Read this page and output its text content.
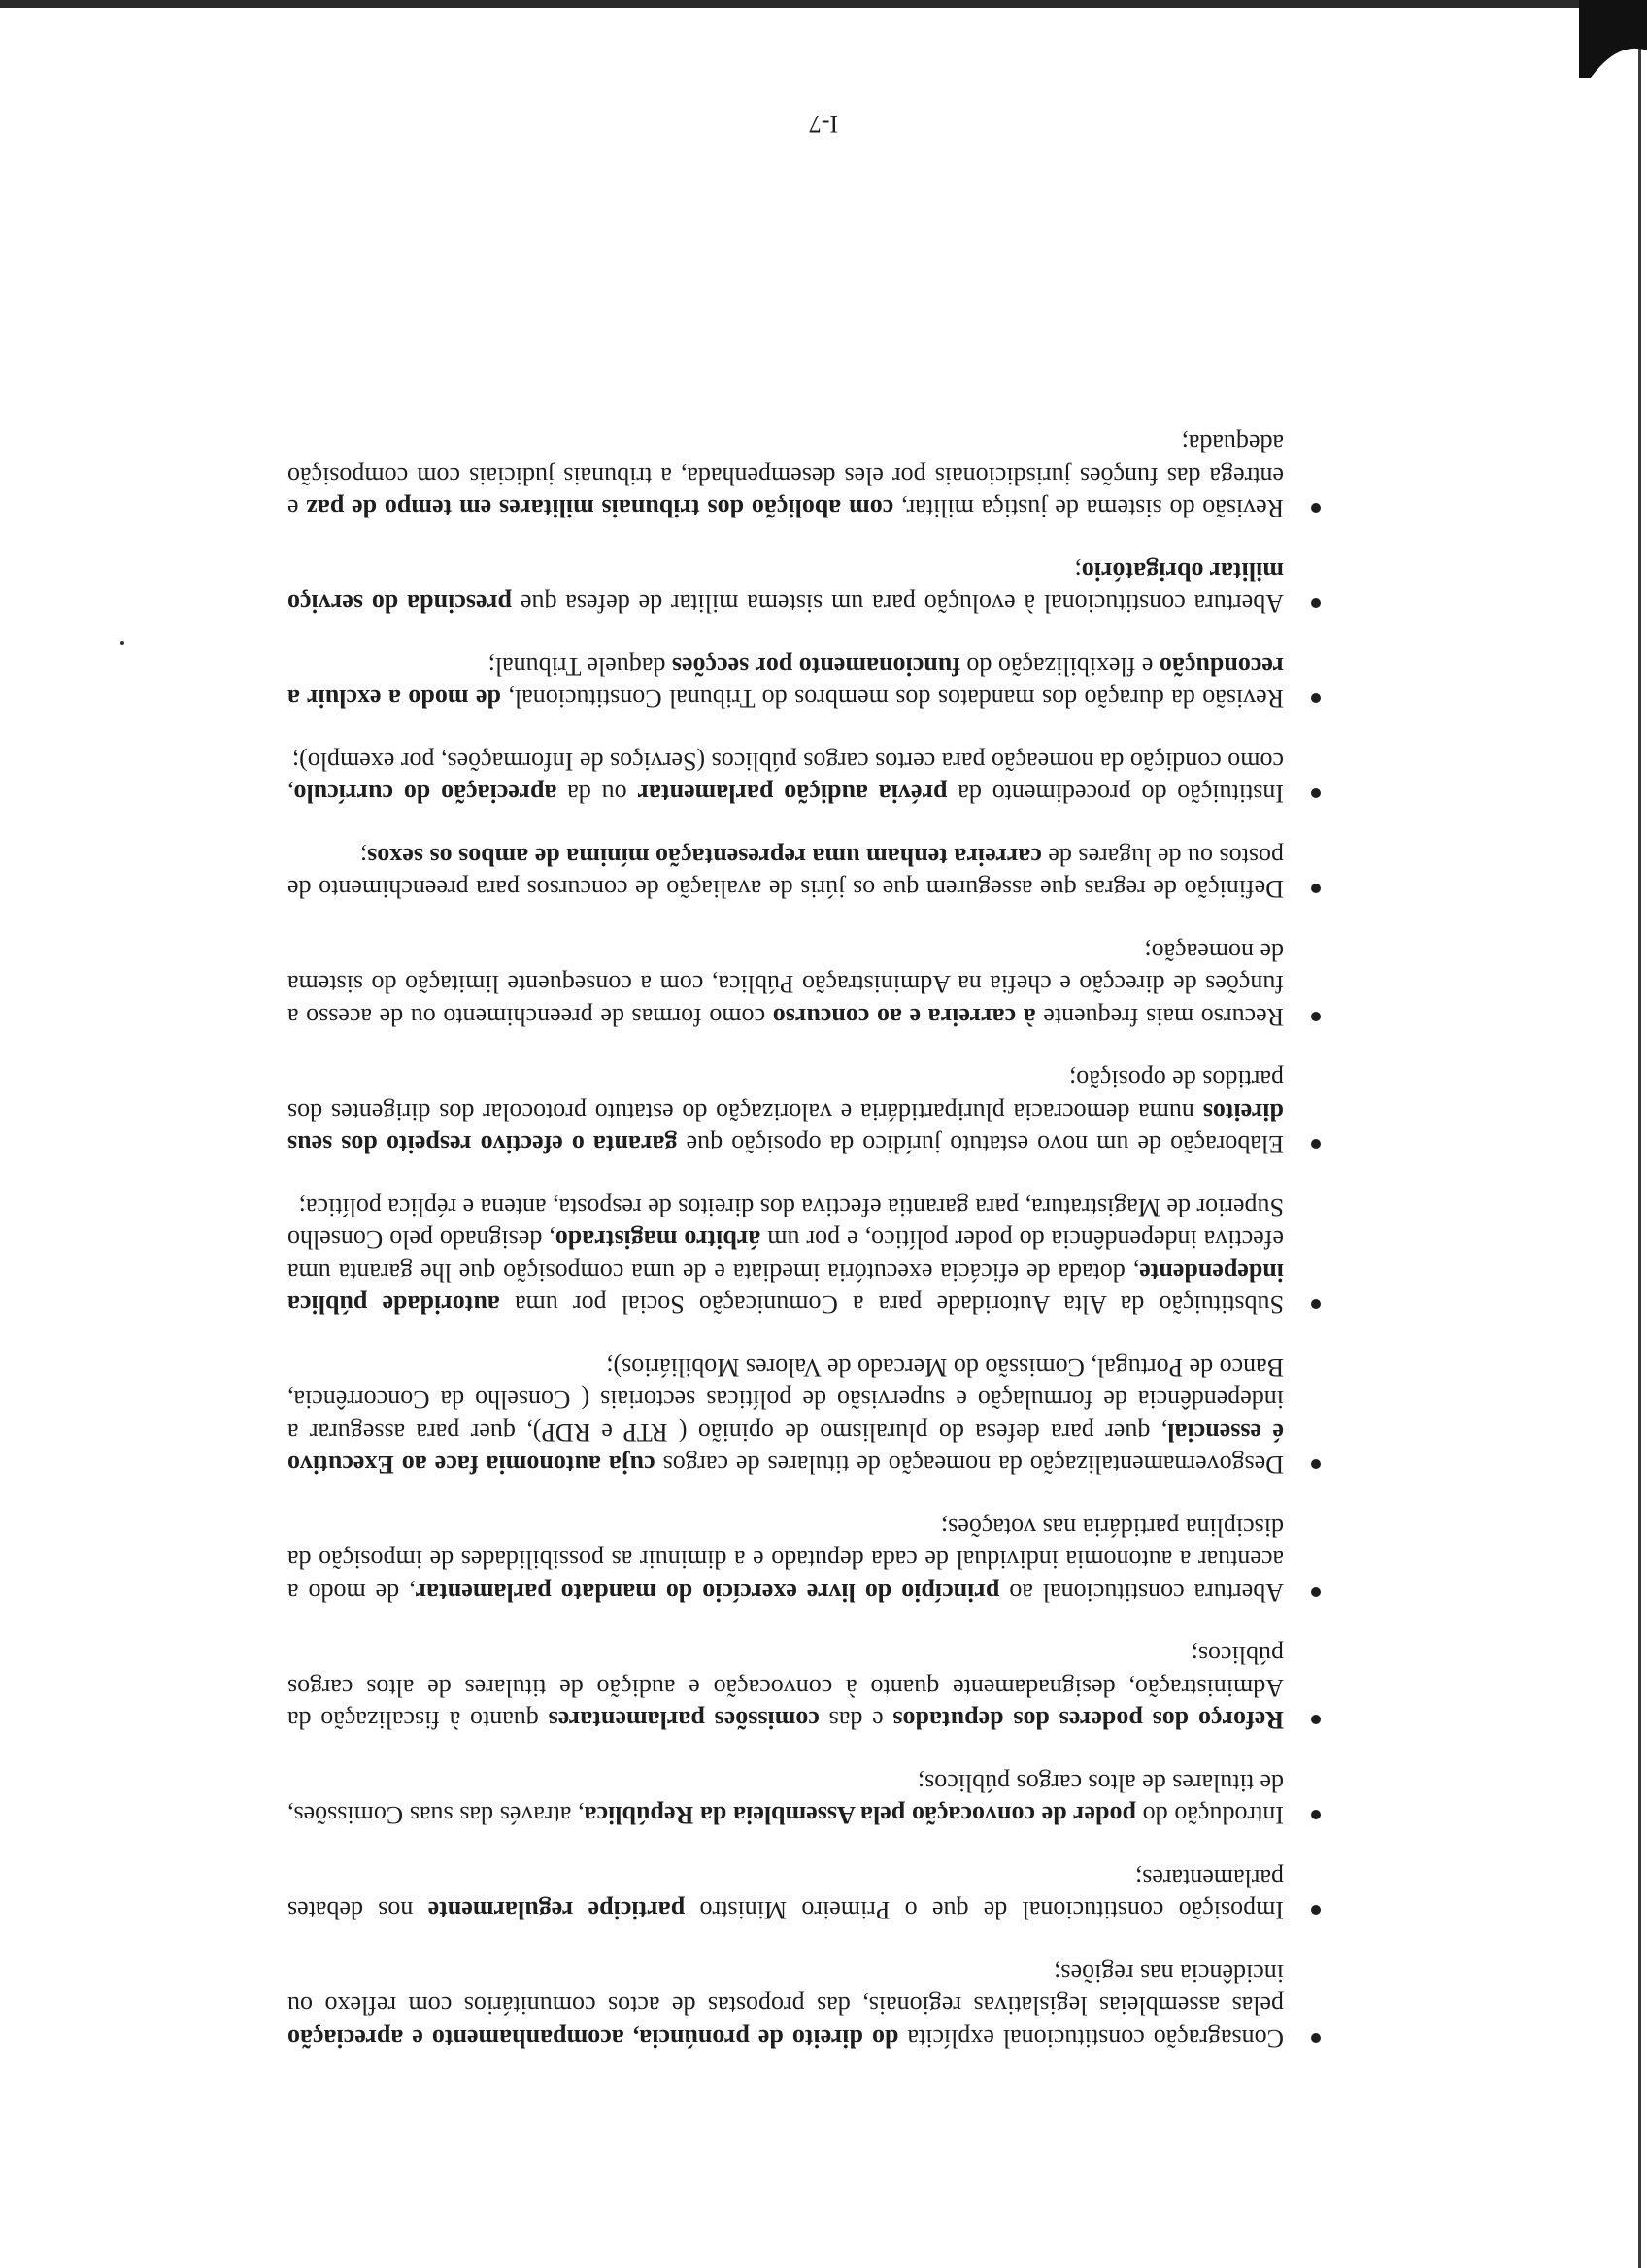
Consagração constitucional explícita do direito de pronúncia, acompanhamento e apreciação pelas assembleias legislativas regionais, das propostas de actos comunitários com reflexo ou incidência nas regiões;
Imposição constitucional de que o Primeiro Ministro participe regularmente nos debates parlamentares;
Introdução do poder de convocação pela Assembleia da República, através das suas Comissões, de titulares de altos cargos públicos;
Reforço dos poderes dos deputados e das comissões parlamentares quanto à fiscalização da Administração, designadamente quanto à convocação e audição de titulares de altos cargos públicos;
Abertura constitucional ao princípio do livre exercício do mandato parlamentar, de modo a acentuar a autonomia individual de cada deputado e a diminuir as possibilidades de imposição da disciplina partidária nas votações;
Desgovernamentalização da nomeação de titulares de cargos cuja autonomia face ao Executivo é essencial, quer para defesa do pluralismo de opinião ( RTP e RDP), quer para assegurar a independência de formulação e supervisão de políticas sectoriais ( Conselho da Concorrência, Banco de Portugal, Comissão do Mercado de Valores Mobiliários);
Substituição da Alta Autoridade para a Comunicação Social por uma autoridade pública independente, dotada de eficácia executória imediata e de uma composição que lhe garanta uma efectiva independência do poder político, e por um árbitro magistrado, designado pelo Conselho Superior de Magistratura, para garantia efectiva dos direitos de resposta, antena e réplica política;
Elaboração de um novo estatuto jurídico da oposição que garanta o efectivo respeito dos seus direitos numa democracia pluripartidária e valorização do estatuto protocolar dos dirigentes dos partidos de oposição;
Recurso mais frequente à carreira e ao concurso como formas de preenchimento ou de acesso a funções de direcção e chefia na Administração Pública, com a consequente limitação do sistema de nomeação;
Definição de regras que assegurem que os júris de avaliação de concursos para preenchimento de postos ou de lugares de carreira tenham uma representação mínima de ambos os sexos;
Instituição do procedimento da prévia audição parlamentar ou da apreciação do currículo, como condição da nomeação para certos cargos públicos (Serviços de Informações, por exemplo);
Revisão da duração dos mandatos dos membros do Tribunal Constitucional, de modo a excluir a recondução e flexibilização do funcionamento por secções daquele Tribunal;
Abertura constitucional à evolução para um sistema militar de defesa que prescinda do serviço militar obrigatório;
Revisão do sistema de justiça militar, com abolição dos tribunais militares em tempo de paz e entrega das funções jurisdicionais por eles desempenhada, a tribunais judiciais com composição adequada;
I-7
